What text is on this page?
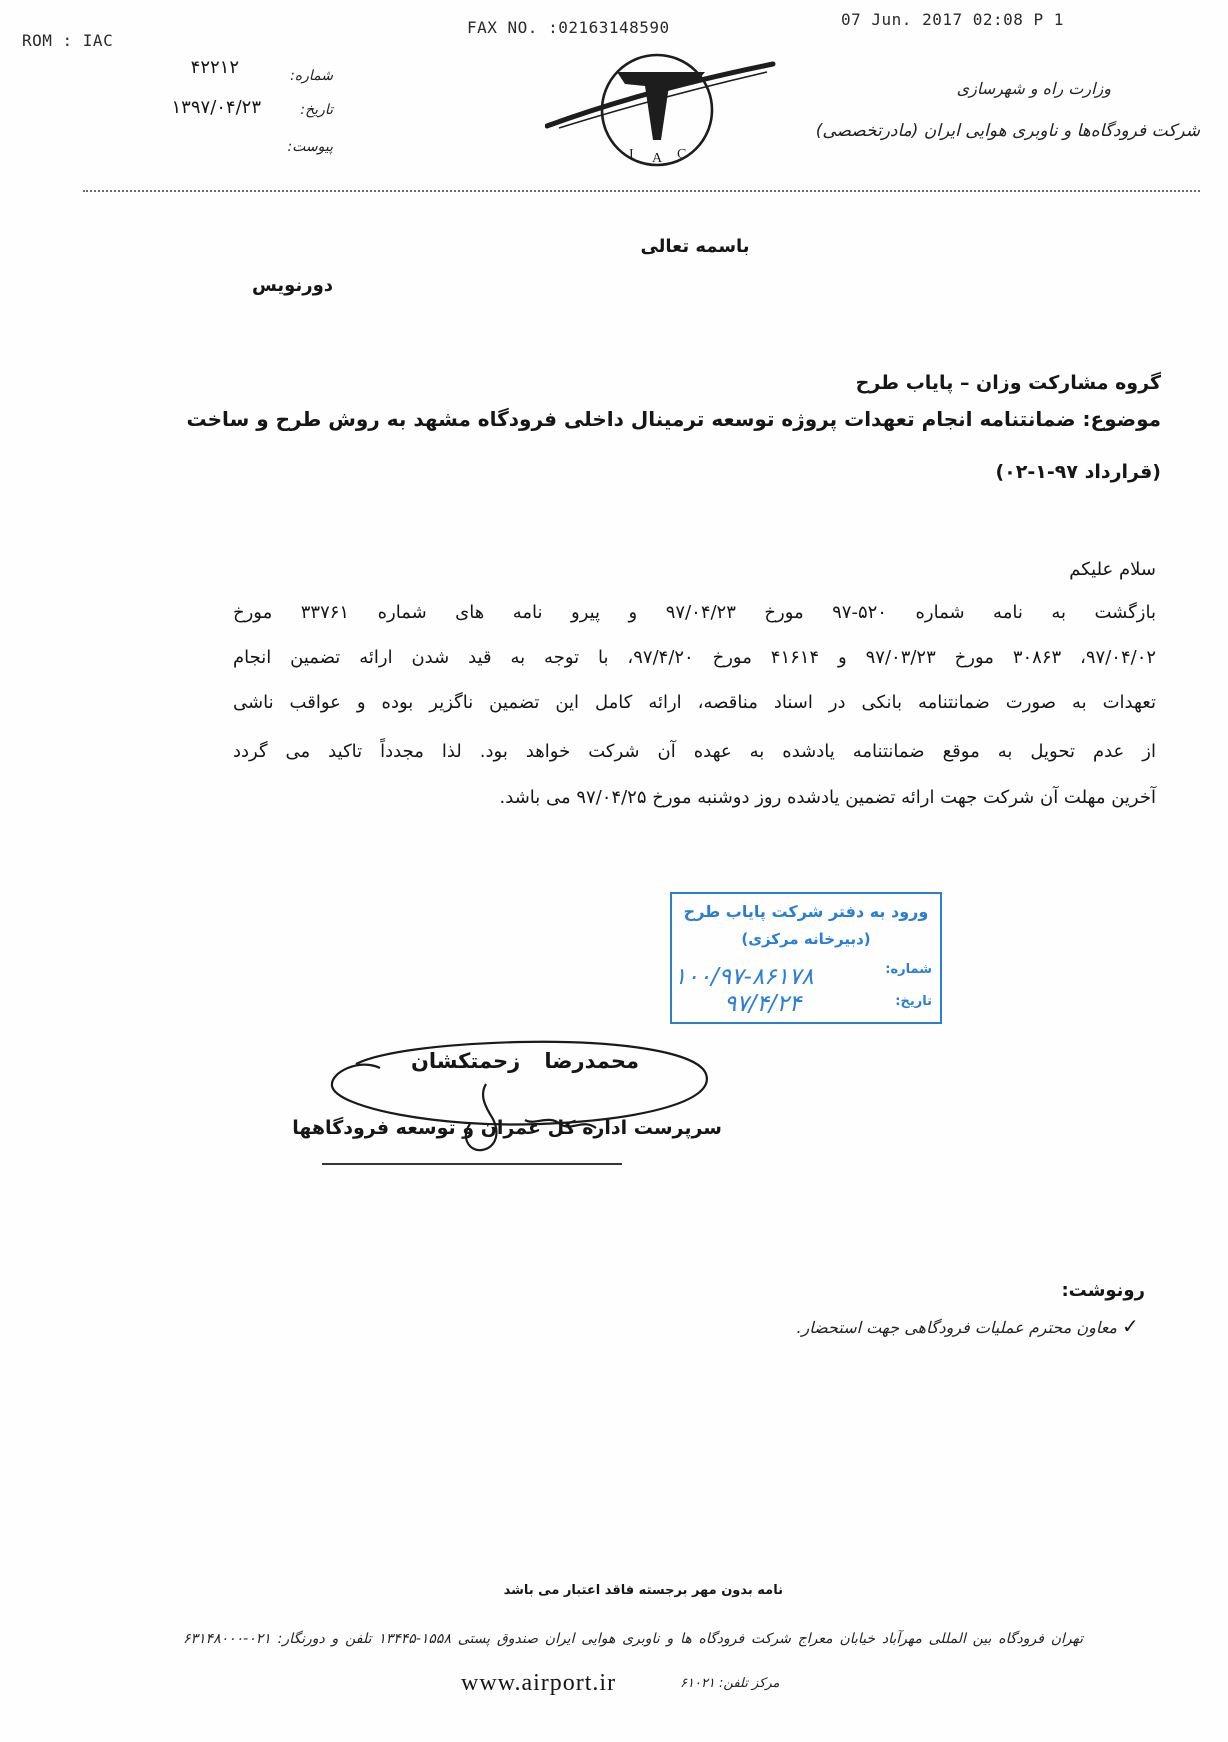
ROM : IAC
FAX NO. :02163148590	07 Jun. 2017 02:08 P 1
شماره:
۴۲۲۱۲
تاریخ:
۱۳۹۷/۰۴/۲۳
پیوست:	I A C
وزارت راه و شهرسازی
شرکت فرودگاه‌ها و ناوبری هوایی ایران (مادرتخصصی)
باسمه تعالی
دورنویس
گروه مشارکت وزان – پایاب طرح
موضوع: ضمانتنامه انجام تعهدات پروژه توسعه ترمینال داخلی فرودگاه مشهد به روش طرح و ساخت
(قرارداد ۹۷-۱-۰۲)
سلام علیکم
بازگشت به نامه شماره ۵۲۰-۹۷ مورخ ۹۷/۰۴/۲۳ و پیرو نامه های شماره ۳۳۷۶۱ مورخ
۹۷/۰۴/۰۲، ۳۰۸۶۳ مورخ ۹۷/۰۳/۲۳ و ۴۱۶۱۴ مورخ ۹۷/۴/۲۰، با توجه به قید شدن ارائه تضمین انجام
تعهدات به صورت ضمانتنامه بانکی در اسناد مناقصه، ارائه کامل این تضمین ناگزیر بوده و عواقب ناشی
از عدم تحویل به موقع ضمانتنامه یادشده به عهده آن شرکت خواهد بود. لذا مجدداً تاکید می گردد
آخرین مهلت آن شرکت جهت ارائه تضمین یادشده روز دوشنبه مورخ ۹۷/۰۴/۲۵ می باشد.
ورود به دفتر شرکت پایاب طرح
(دبیرخانه مرکزی)
شماره:
۱۰۰/۹۷-۸۶۱۷۸
تاریخ:
۹۷/۴/۲۴
محمدرضا زحمتکشان
سرپرست اداره کل عمران و توسعه فرودگاهها
رونوشت:
✓
معاون محترم عملیات فرودگاهی جهت استحضار.
نامه بدون مهر برجسته فاقد اعتبار می باشد
تهران فرودگاه بین المللی مهرآباد خیابان معراج شرکت فرودگاه ها و ناوبری هوایی ایران صندوق پستی ۱۵۵۸-۱۳۴۴۵ تلفن و دورنگار: ۰۲۱-۶۳۱۴۸۰۰۰
www.airport.ir	مرکز تلفن: ۶۱۰۲۱
